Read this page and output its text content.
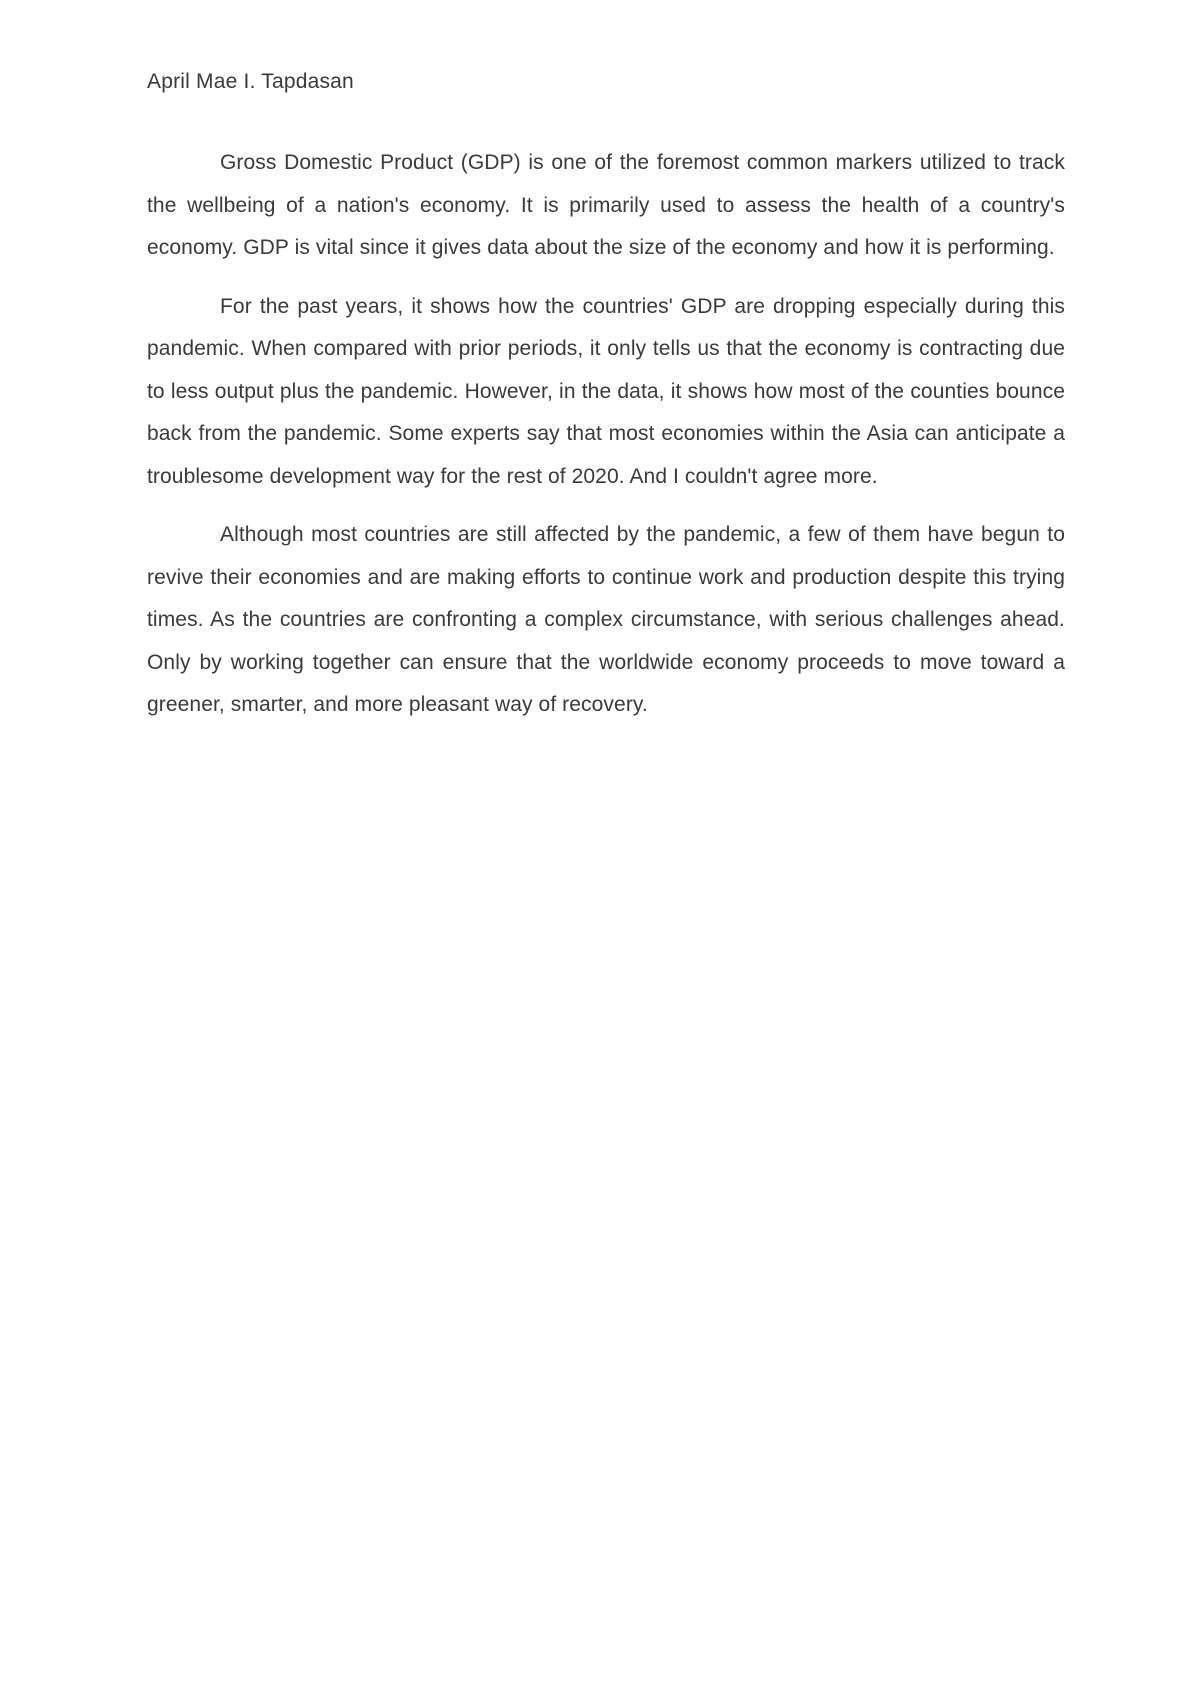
April Mae I. Tapdasan

Gross Domestic Product (GDP) is one of the foremost common markers utilized to track the wellbeing of a nation's economy. It is primarily used to assess the health of a country's economy. GDP is vital since it gives data about the size of the economy and how it is performing.

For the past years, it shows how the countries' GDP are dropping especially during this pandemic. When compared with prior periods, it only tells us that the economy is contracting due to less output plus the pandemic. However, in the data, it shows how most of the counties bounce back from the pandemic. Some experts say that most economies within the Asia can anticipate a troublesome development way for the rest of 2020. And I couldn't agree more.

Although most countries are still affected by the pandemic, a few of them have begun to revive their economies and are making efforts to continue work and production despite this trying times. As the countries are confronting a complex circumstance, with serious challenges ahead. Only by working together can ensure that the worldwide economy proceeds to move toward a greener, smarter, and more pleasant way of recovery.
